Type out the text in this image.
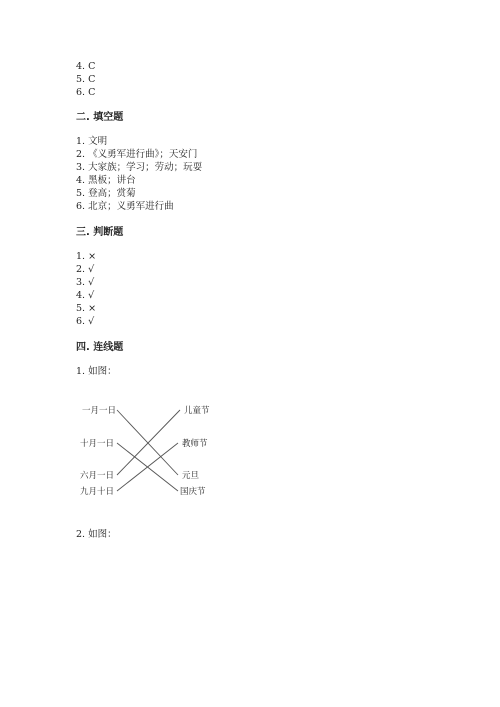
4. C

5. C

6. C

二. 填空题

1. 文明

2. 《义勇军进行曲》；天安门

3. 大家族；学习；劳动；玩耍

4. 黑板；讲台

5. 登高；赏菊

6. 北京；义勇军进行曲

三. 判断题

1. ×

2. √

3. √

4. √

5. ×

6. √

四. 连线题

1. 如图：

一月一日
十月一日
六月一日
九月十日
儿童节
教师节
元旦
国庆节

2. 如图：
